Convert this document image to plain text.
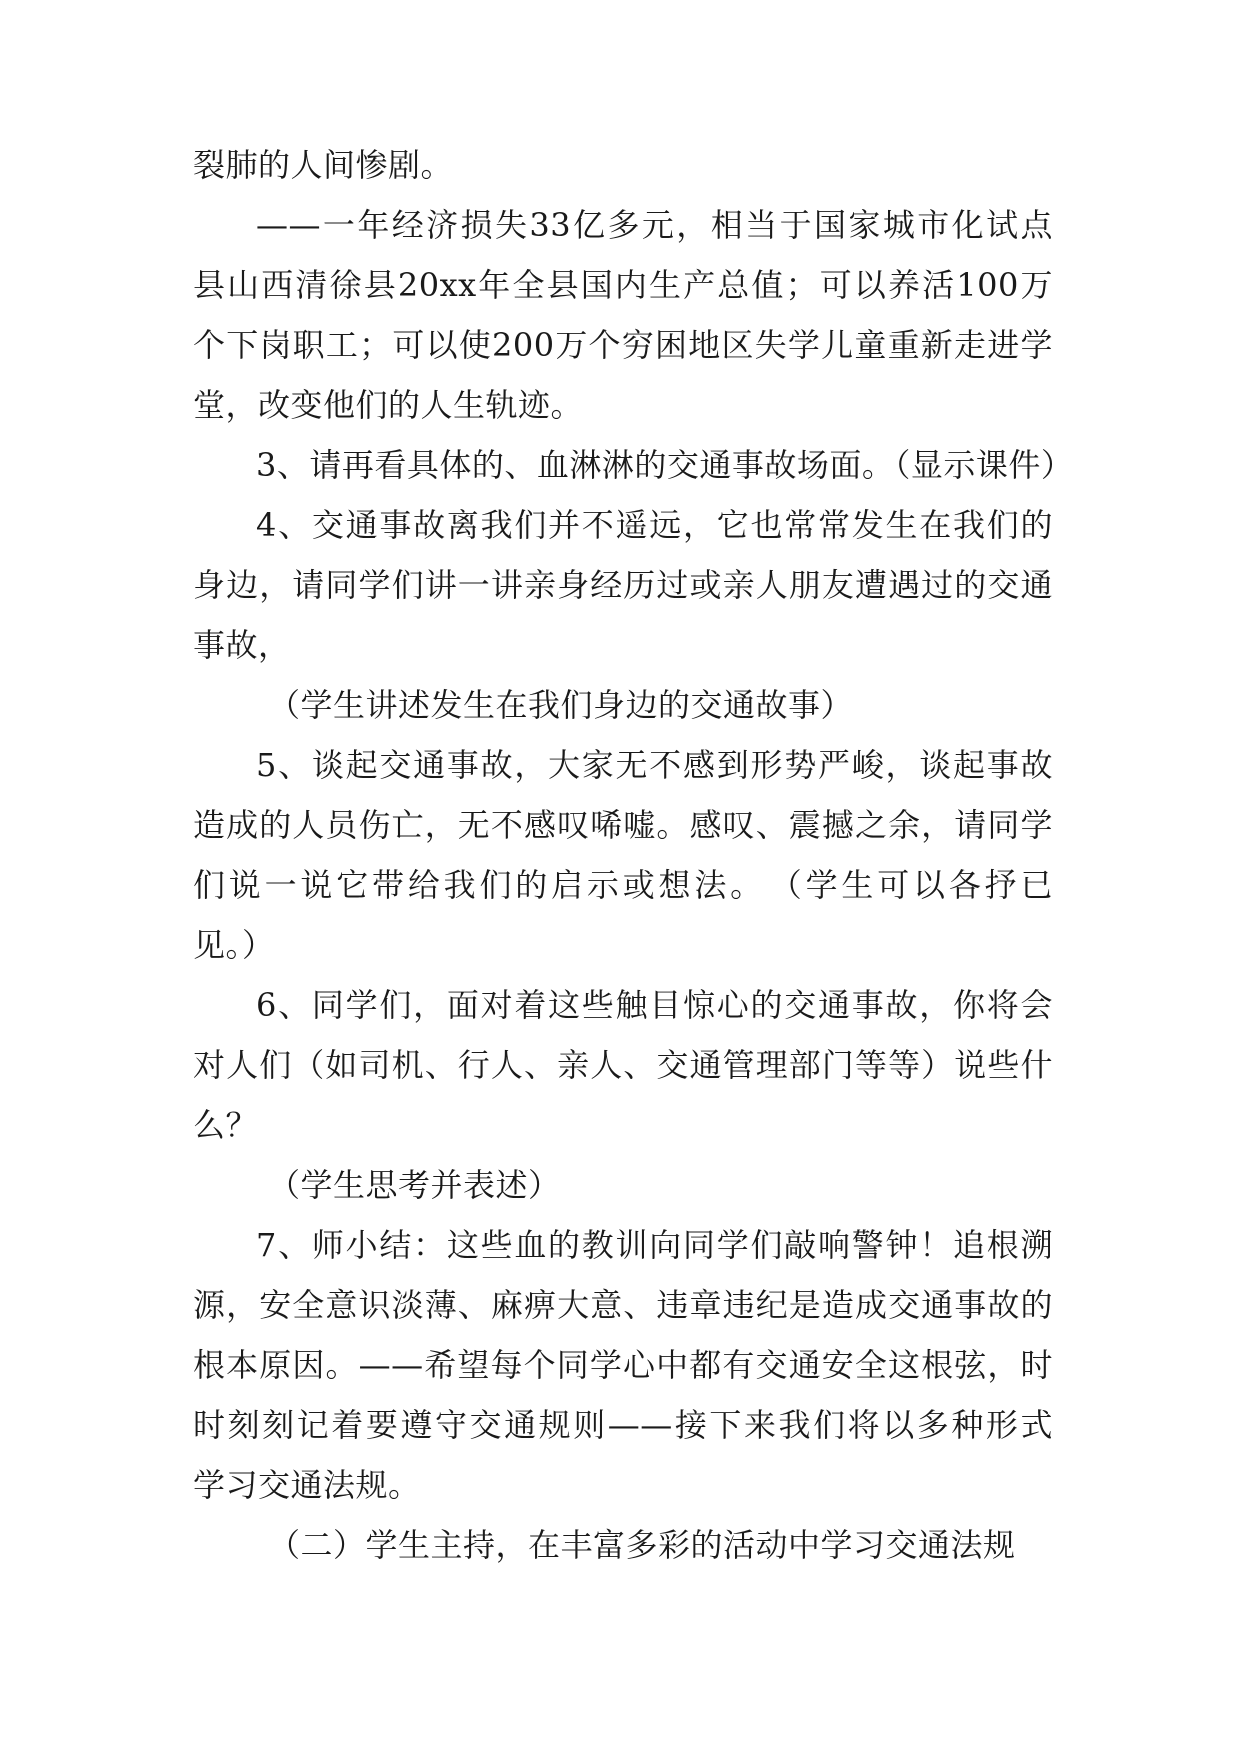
裂肺的人间惨剧。
——一年经济损失33亿多元，相当于国家城市化试点
县山西清徐县20xx年全县国内生产总值；可以养活100万
个下岗职工；可以使200万个穷困地区失学儿童重新走进学
堂，改变他们的人生轨迹。
3、请再看具体的、血淋淋的交通事故场面。（显示课件）
4、交通事故离我们并不遥远，它也常常发生在我们的
身边，请同学们讲一讲亲身经历过或亲人朋友遭遇过的交通
事故，
（学生讲述发生在我们身边的交通故事）
5、谈起交通事故，大家无不感到形势严峻，谈起事故
造成的人员伤亡，无不感叹唏嘘。感叹、震撼之余，请同学
们说一说它带给我们的启示或想法。　（学生可以各抒已
见。）
6、同学们，面对着这些触目惊心的交通事故，你将会
对人们（如司机、行人、亲人、交通管理部门等等）说些什
么？
（学生思考并表述）
7、师小结：这些血的教训向同学们敲响警钟！追根溯
源，安全意识淡薄、麻痹大意、违章违纪是造成交通事故的
根本原因。——希望每个同学心中都有交通安全这根弦，时
时刻刻记着要遵守交通规则——接下来我们将以多种形式
学习交通法规。
（二）学生主持，在丰富多彩的活动中学习交通法规
